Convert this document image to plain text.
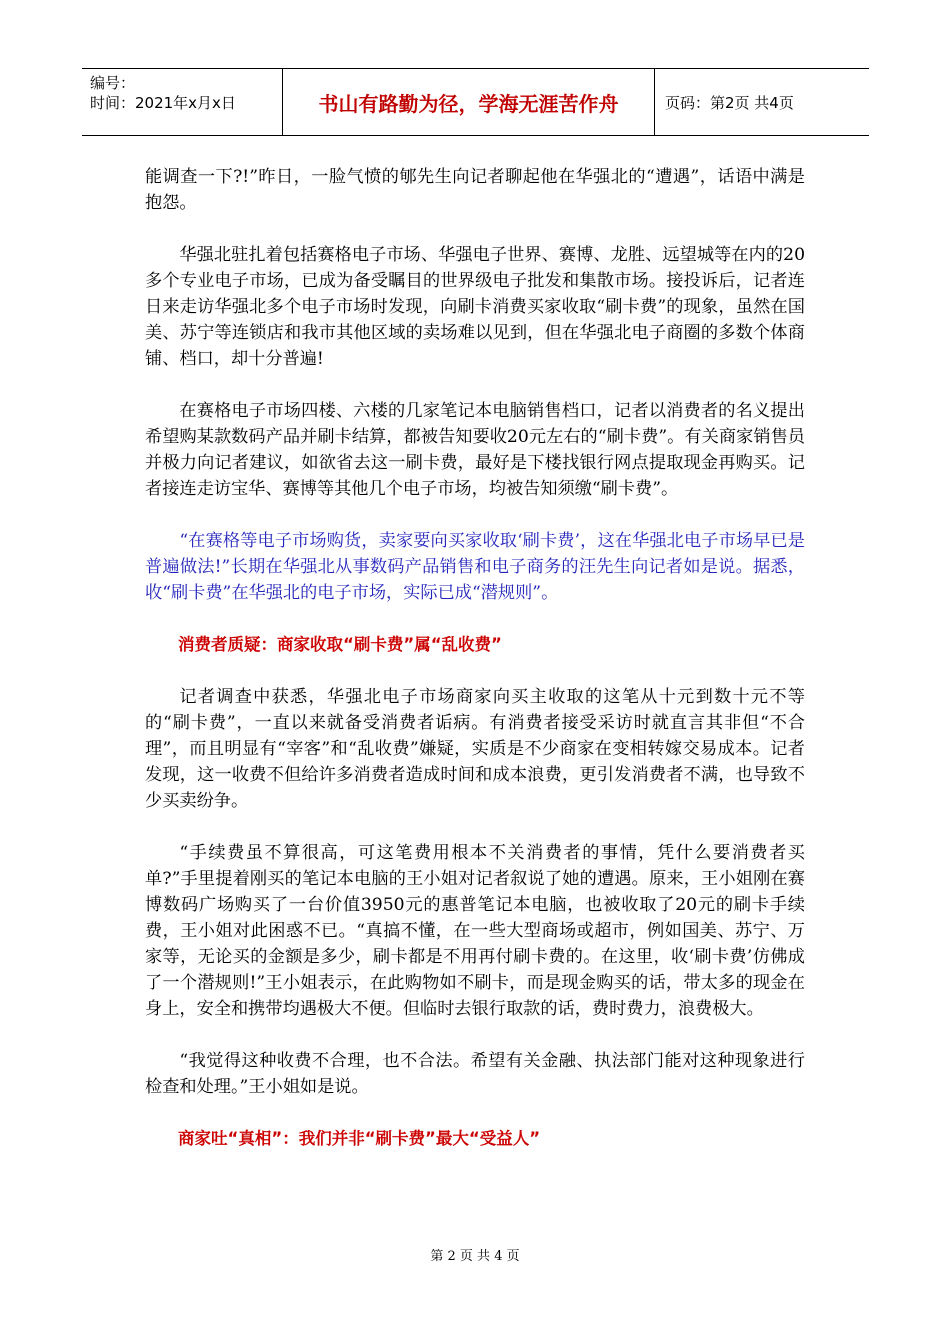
编号：
时间：2021年x月x日	书山有路勤为径，学海无涯苦作舟	页码：第2页 共4页

能调查一下?!”昨日，一脸气愤的郇先生向记者聊起他在华强北的“遭遇”，话语中满是抱怨。

华强北驻扎着包括赛格电子市场、华强电子世界、赛博、龙胜、远望城等在内的20多个专业电子市场，已成为备受瞩目的世界级电子批发和集散市场。接投诉后，记者连日来走访华强北多个电子市场时发现，向刷卡消费买家收取“刷卡费”的现象，虽然在国美、苏宁等连锁店和我市其他区域的卖场难以见到，但在华强北电子商圈的多数个体商铺、档口，却十分普遍!

在赛格电子市场四楼、六楼的几家笔记本电脑销售档口，记者以消费者的名义提出希望购某款数码产品并刷卡结算，都被告知要收20元左右的“刷卡费”。有关商家销售员并极力向记者建议，如欲省去这一刷卡费，最好是下楼找银行网点提取现金再购买。记者接连走访宝华、赛博等其他几个电子市场，均被告知须缴“刷卡费”。

“在赛格等电子市场购货，卖家要向买家收取‘刷卡费’，这在华强北电子市场早已是普遍做法!”长期在华强北从事数码产品销售和电子商务的汪先生向记者如是说。据悉，收“刷卡费”在华强北的电子市场，实际已成“潜规则”。

消费者质疑：商家收取“刷卡费”属“乱收费”

记者调查中获悉，华强北电子市场商家向买主收取的这笔从十元到数十元不等的“刷卡费”，一直以来就备受消费者诟病。有消费者接受采访时就直言其非但“不合理”，而且明显有“宰客”和“乱收费”嫌疑，实质是不少商家在变相转嫁交易成本。记者发现，这一收费不但给许多消费者造成时间和成本浪费，更引发消费者不满，也导致不少买卖纷争。

“手续费虽不算很高，可这笔费用根本不关消费者的事情，凭什么要消费者买单?”手里提着刚买的笔记本电脑的王小姐对记者叙说了她的遭遇。原来，王小姐刚在赛博数码广场购买了一台价值3950元的惠普笔记本电脑，也被收取了20元的刷卡手续费，王小姐对此困惑不已。“真搞不懂，在一些大型商场或超市，例如国美、苏宁、万家等，无论买的金额是多少，刷卡都是不用再付刷卡费的。在这里，收‘刷卡费’仿佛成了一个潜规则!”王小姐表示，在此购物如不刷卡，而是现金购买的话，带太多的现金在身上，安全和携带均遇极大不便。但临时去银行取款的话，费时费力，浪费极大。

“我觉得这种收费不合理，也不合法。希望有关金融、执法部门能对这种现象进行检查和处理。”王小姐如是说。

商家吐“真相”：我们并非“刷卡费”最大“受益人”

第 2 页 共 4 页
